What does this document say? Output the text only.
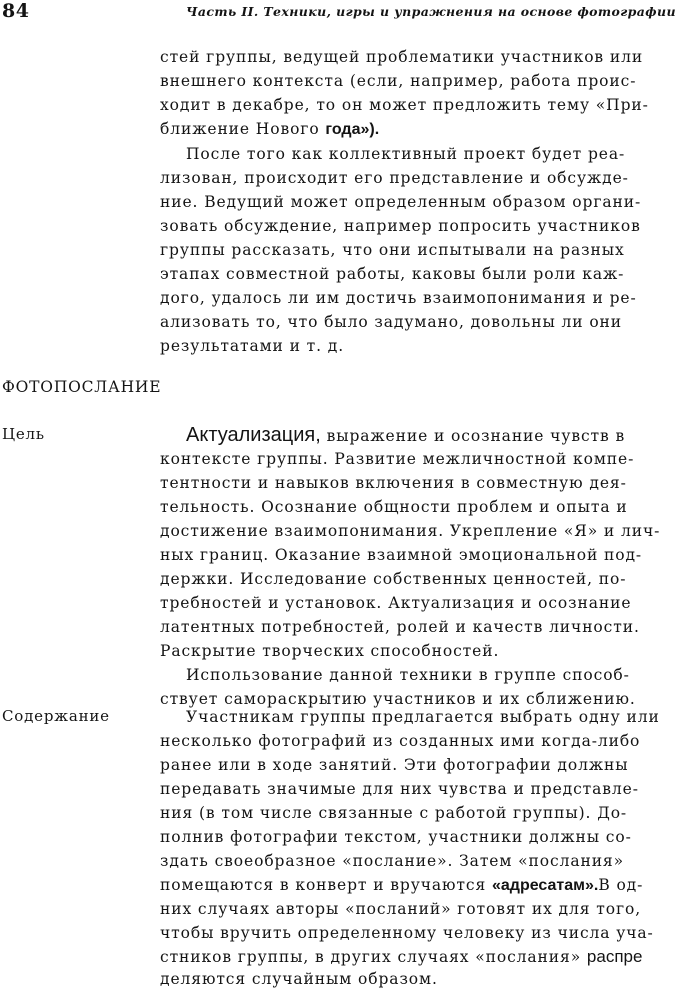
84	Часть II. Техники, игры и упражнения на основе фотографии
стей группы, ведущей проблематики участников или
внешнего контекста (если, например, работа проис-
ходит в декабре, то он может предложить тему «При-
ближение Нового года»).
После того как коллективный проект будет реа-
лизован, происходит его представление и обсужде-
ние. Ведущий может определенным образом органи-
зовать обсуждение, например попросить участников
группы рассказать, что они испытывали на разных
этапах совместной работы, каковы были роли каж-
дого, удалось ли им достичь взаимопонимания и ре-
ализовать то, что было задумано, довольны ли они
результатами и т. д.
ФОТОПОСЛАНИЕ
Цель	Актуализация, выражение и осознание чувств в
контексте группы. Развитие межличностной компе-
тентности и навыков включения в совместную дея-
тельность. Осознание общности проблем и опыта и
достижение взаимопонимания. Укрепление «Я» и лич-
ных границ. Оказание взаимной эмоциональной под-
держки. Исследование собственных ценностей, по-
требностей и установок. Актуализация и осознание
латентных потребностей, ролей и качеств личности.
Раскрытие творческих способностей.
Использование данной техники в группе способ-
ствует самораскрытию участников и их сближению.
Содержание	Участникам группы предлагается выбрать одну или
несколько фотографий из созданных ими когда-либо
ранее или в ходе занятий. Эти фотографии должны
передавать значимые для них чувства и представле-
ния (в том числе связанные с работой группы). До-
полнив фотографии текстом, участники должны со-
здать своеобразное «послание». Затем «послания»
помещаются в конверт и вручаются «адресатам». В од-
них случаях авторы «посланий» готовят их для того,
чтобы вручить определенному человеку из числа уча-
стников группы, в других случаях «послания» распре
деляются случайным образом.
